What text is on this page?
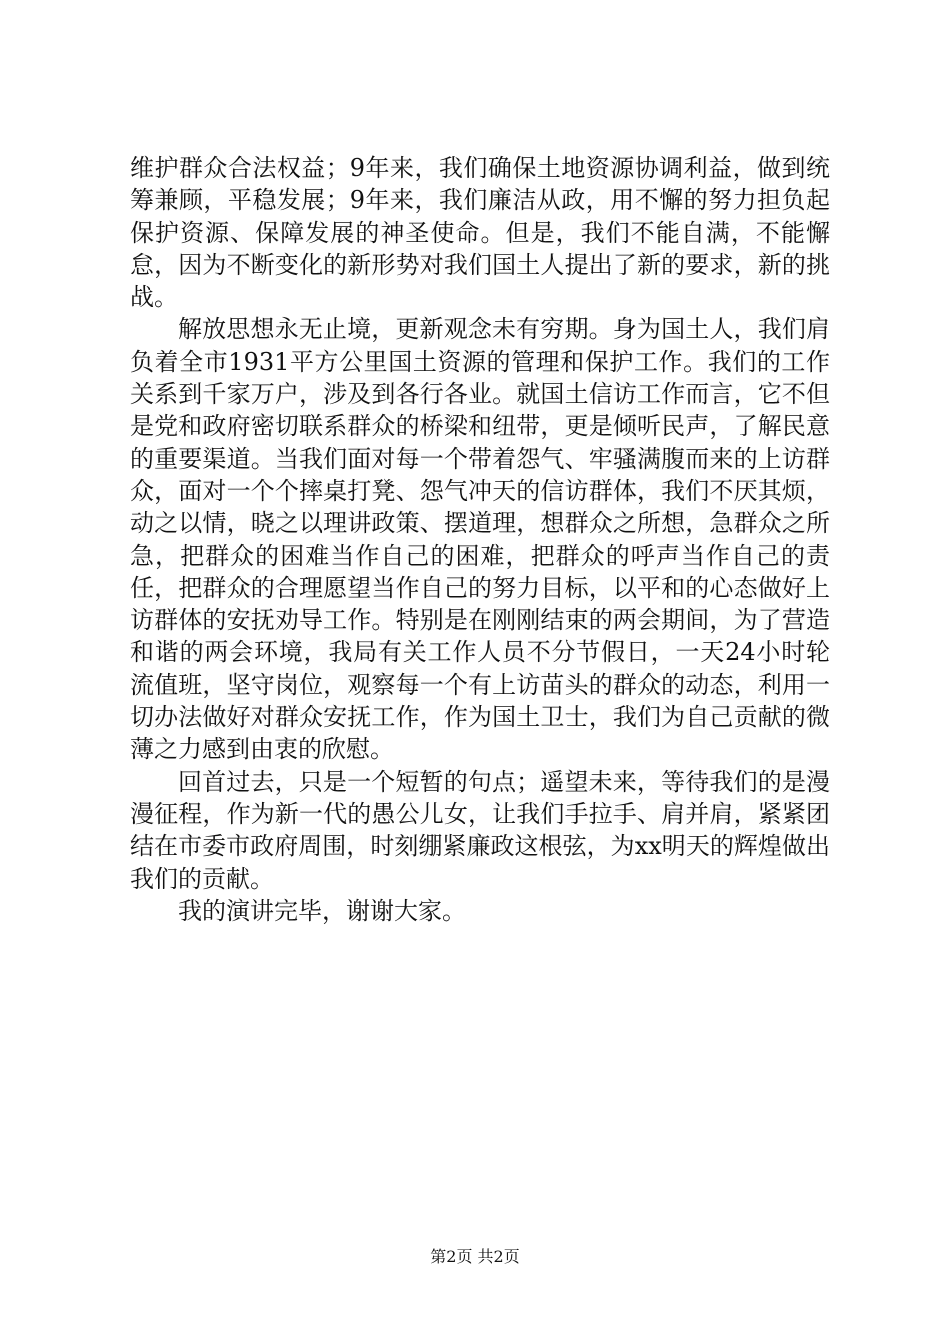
维护群众合法权益；9年来，我们确保土地资源协调利益，做到统筹兼顾，平稳发展；9年来，我们廉洁从政，用不懈的努力担负起保护资源、保障发展的神圣使命。但是，我们不能自满，不能懈怠，因为不断变化的新形势对我们国土人提出了新的要求，新的挑战。

解放思想永无止境，更新观念未有穷期。身为国土人，我们肩负着全市1931平方公里国土资源的管理和保护工作。我们的工作关系到千家万户，涉及到各行各业。就国土信访工作而言，它不但是党和政府密切联系群众的桥梁和纽带，更是倾听民声，了解民意的重要渠道。当我们面对每一个带着怨气、牢骚满腹而来的上访群众，面对一个个摔桌打凳、怨气冲天的信访群体，我们不厌其烦，动之以情，晓之以理讲政策、摆道理，想群众之所想，急群众之所急，把群众的困难当作自己的困难，把群众的呼声当作自己的责任，把群众的合理愿望当作自己的努力目标，以平和的心态做好上访群体的安抚劝导工作。特别是在刚刚结束的两会期间，为了营造和谐的两会环境，我局有关工作人员不分节假日，一天24小时轮流值班，坚守岗位，观察每一个有上访苗头的群众的动态，利用一切办法做好对群众安抚工作，作为国土卫士，我们为自己贡献的微薄之力感到由衷的欣慰。

回首过去，只是一个短暂的句点；遥望未来，等待我们的是漫漫征程，作为新一代的愚公儿女，让我们手拉手、肩并肩，紧紧团结在市委市政府周围，时刻绷紧廉政这根弦，为xx明天的辉煌做出我们的贡献。

我的演讲完毕，谢谢大家。

第2页 共2页
